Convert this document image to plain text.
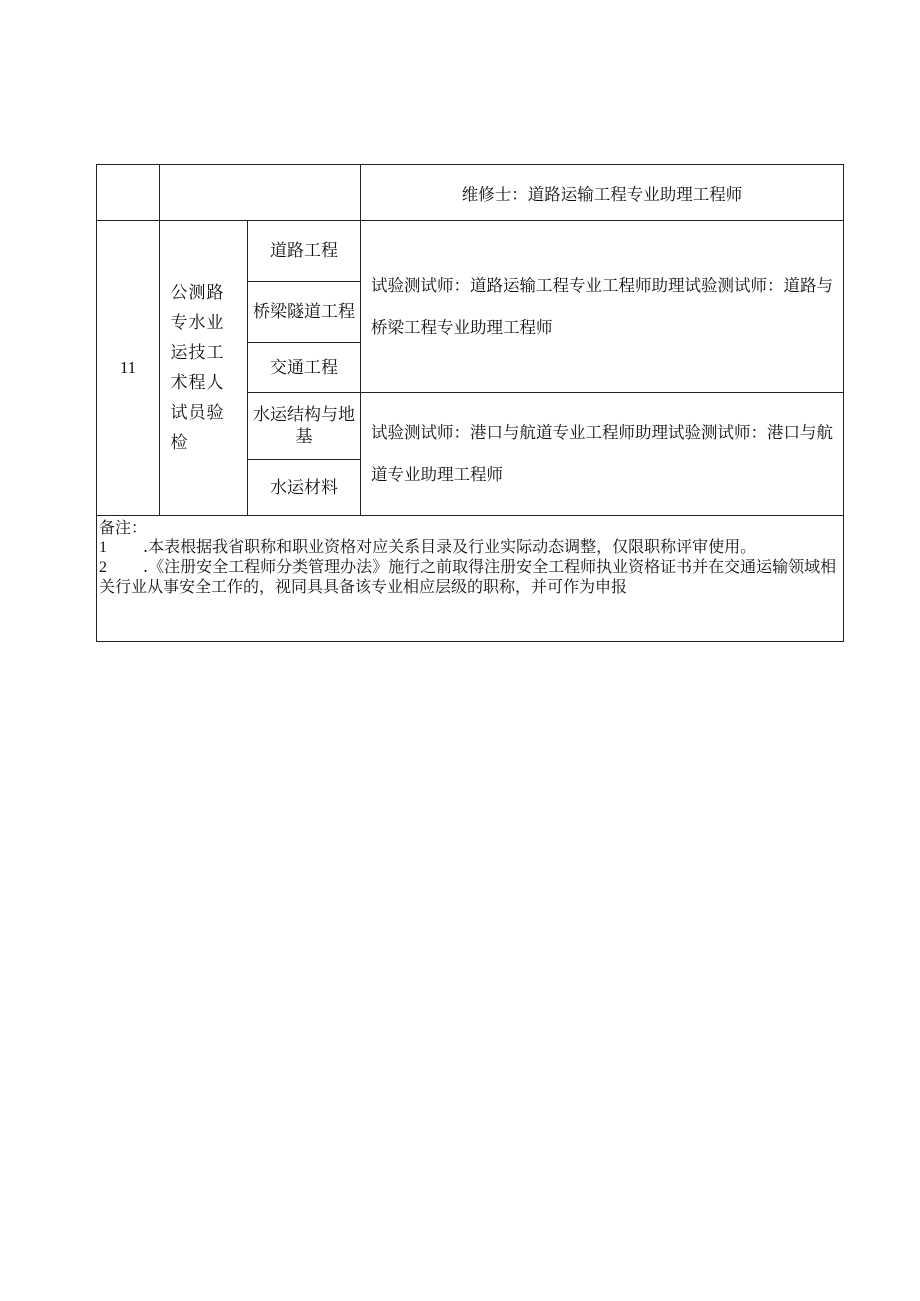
			维修士：道路运输工程专业助理工程师
11	公测路专水业运技工术程人试员验检	道路工程	试验测试师：道路运输工程专业工程师助理试验测试师：道路与桥梁工程专业助理工程师
		桥梁隧道工程	
		交通工程	
		水运结构与地基	试验测试师：港口与航道专业工程师助理试验测试师：港口与航道专业助理工程师
		水运材料	

备注：
1 .本表根据我省职称和职业资格对应关系目录及行业实际动态调整，仅限职称评审使用。
2 .《注册安全工程师分类管理办法》施行之前取得注册安全工程师执业资格证书并在交通运输领域相关行业从事安全工作的，视同具具备该专业相应层级的职称，并可作为申报			
